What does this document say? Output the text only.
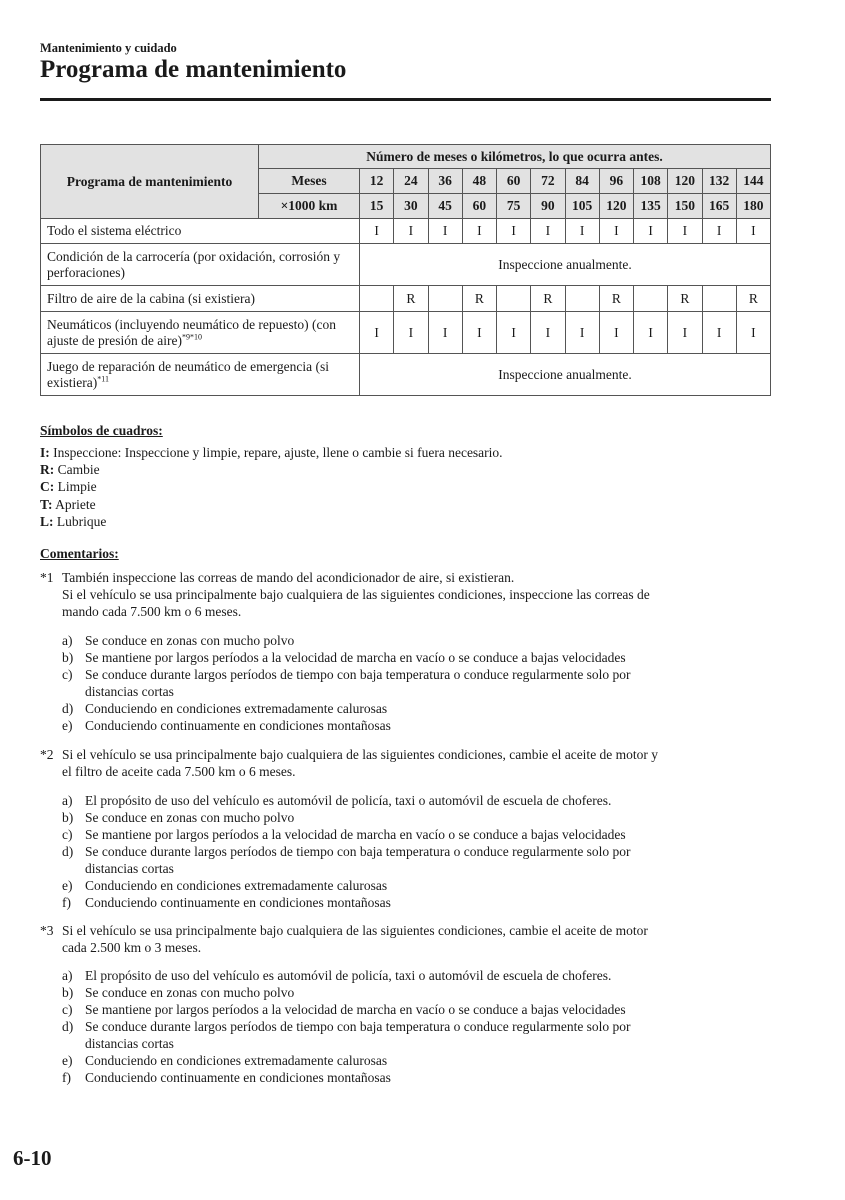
Mantenimiento y cuidado
Programa de mantenimiento
Programa de mantenimiento	Número de meses o kilómetros, lo que ocurra antes.												
	Meses	12	24	36	48	60	72	84	96	108	120	132	144
	×1000 km	15	30	45	60	75	90	105	120	135	150	165	180
Todo el sistema eléctrico		I	I	I	I	I	I	I	I	I	I	I	I
Condición de la carrocería (por oxidación, corrosión y perforaciones)		Inspeccione anualmente.											
Filtro de aire de la cabina (si existiera)			R		R		R		R		R		R
Neumáticos (incluyendo neumático de repuesto) (con ajuste de presión de aire)$^{*9*10}$		I	I	I	I	I	I	I	I	I	I	I	I
Juego de reparación de neumático de emergencia (si existiera)$^{*11}$		Inspeccione anualmente.											
Símbolos de cuadros:
I: Inspeccione: Inspeccione y limpie, repare, ajuste, llene o cambie si fuera necesario.
R: Cambie
C: Limpie
T: Apriete
L: Lubrique
Comentarios:
*1 También inspeccione las correas de mando del acondicionador de aire, si existieran.
Si el vehículo se usa principalmente bajo cualquiera de las siguientes condiciones, inspeccione las correas de
mando cada 7.500 km o 6 meses.
a) Se conduce en zonas con mucho polvo
b) Se mantiene por largos períodos a la velocidad de marcha en vacío o se conduce a bajas velocidades
c) Se conduce durante largos períodos de tiempo con baja temperatura o conduce regularmente solo por
distancias cortas
d) Conduciendo en condiciones extremadamente calurosas
e) Conduciendo continuamente en condiciones montañosas
*2 Si el vehículo se usa principalmente bajo cualquiera de las siguientes condiciones, cambie el aceite de motor y
el filtro de aceite cada 7.500 km o 6 meses.
a) El propósito de uso del vehículo es automóvil de policía, taxi o automóvil de escuela de choferes.
b) Se conduce en zonas con mucho polvo
c) Se mantiene por largos períodos a la velocidad de marcha en vacío o se conduce a bajas velocidades
d) Se conduce durante largos períodos de tiempo con baja temperatura o conduce regularmente solo por
distancias cortas
e) Conduciendo en condiciones extremadamente calurosas
f) Conduciendo continuamente en condiciones montañosas
*3 Si el vehículo se usa principalmente bajo cualquiera de las siguientes condiciones, cambie el aceite de motor
cada 2.500 km o 3 meses.
a) El propósito de uso del vehículo es automóvil de policía, taxi o automóvil de escuela de choferes.
b) Se conduce en zonas con mucho polvo
c) Se mantiene por largos períodos a la velocidad de marcha en vacío o se conduce a bajas velocidades
d) Se conduce durante largos períodos de tiempo con baja temperatura o conduce regularmente solo por
distancias cortas
e) Conduciendo en condiciones extremadamente calurosas
f) Conduciendo continuamente en condiciones montañosas
6-10
